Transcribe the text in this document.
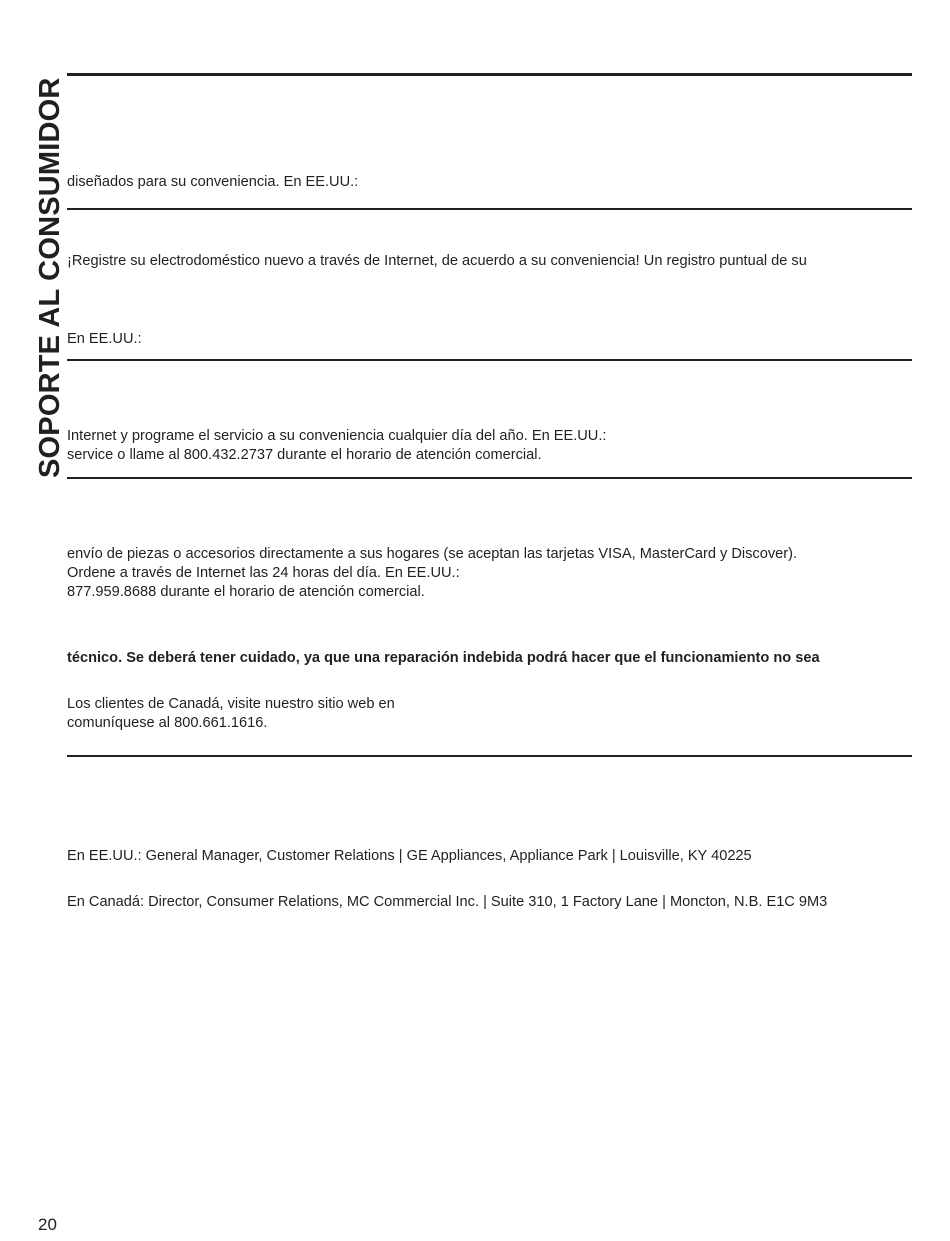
SOPORTE AL CONSUMIDOR diseñados para su conveniencia. En EE.UU.:
¡Registre su electrodoméstico nuevo a través de Internet, de acuerdo a su conveniencia! Un registro puntual de su
En EE.UU.:
Internet y programe el servicio a su conveniencia cualquier día del año. En EE.UU.:
service o llame al 800.432.2737 durante el horario de atención comercial.
envío de piezas o accesorios directamente a sus hogares (se aceptan las tarjetas VISA, MasterCard y Discover).
Ordene a través de Internet las 24 horas del día. En EE.UU.:
877.959.8688 durante el horario de atención comercial.
técnico. Se deberá tener cuidado, ya que una reparación indebida podrá hacer que el funcionamiento no sea
Los clientes de Canadá, visite nuestro sitio web en
comuníquese al 800.661.1616.
En EE.UU.: General Manager, Customer Relations | GE Appliances, Appliance Park | Louisville, KY 40225
En Canadá: Director, Consumer Relations, MC Commercial Inc. | Suite 310, 1 Factory Lane | Moncton, N.B. E1C 9M3
20
